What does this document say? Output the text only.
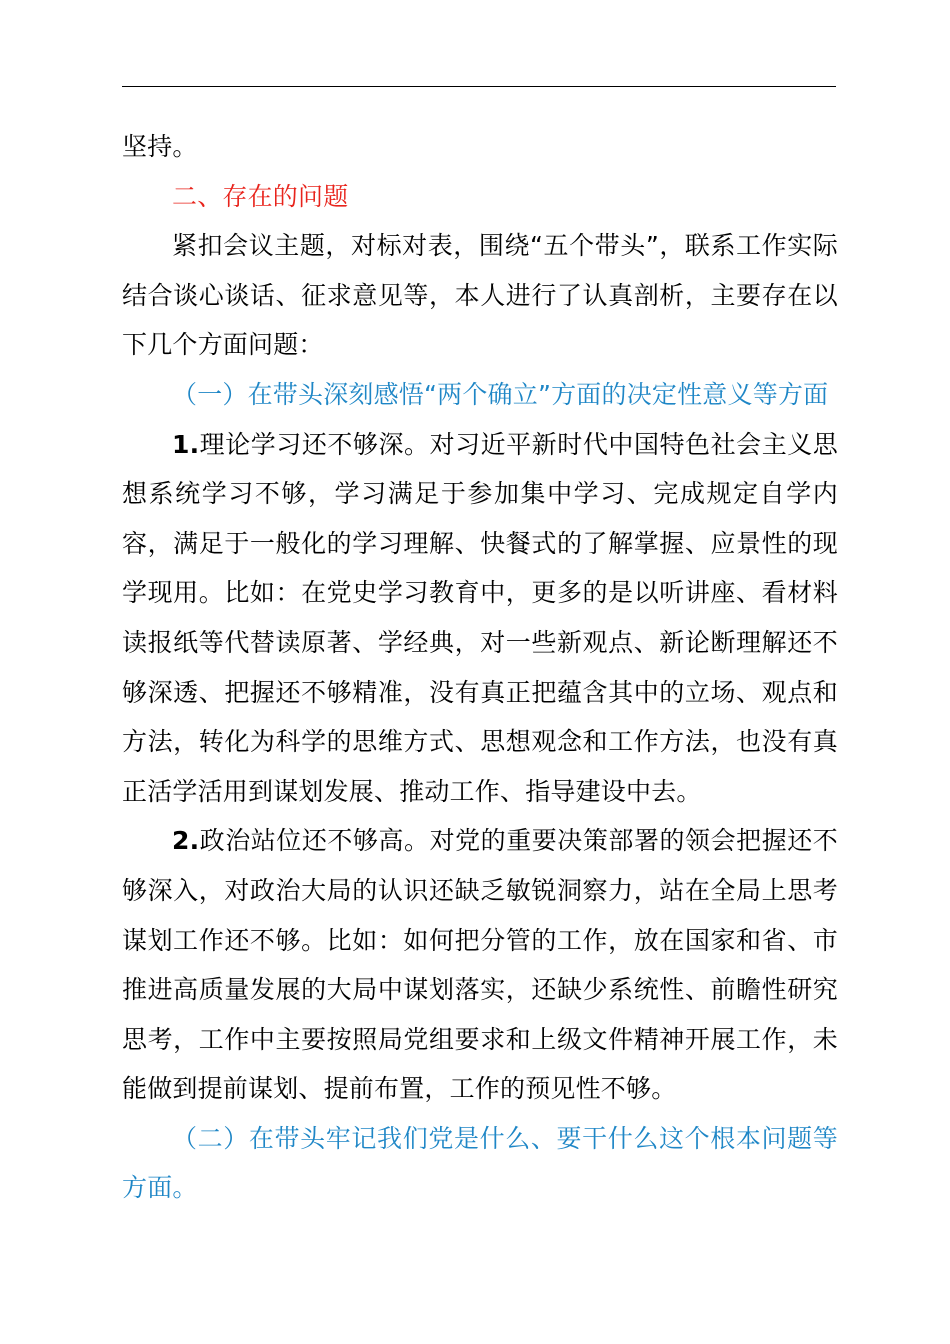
坚持。

二、存在的问题

紧扣会议主题，对标对表，围绕“五个带头”，联系工作实际结合谈心谈话、征求意见等，本人进行了认真剖析，主要存在以下几个方面问题：

（一）在带头深刻感悟“两个确立”方面的决定性意义等方面

1.理论学习还不够深。对习近平新时代中国特色社会主义思想系统学习不够，学习满足于参加集中学习、完成规定自学内容，满足于一般化的学习理解、快餐式的了解掌握、应景性的现学现用。比如：在党史学习教育中，更多的是以听讲座、看材料读报纸等代替读原著、学经典，对一些新观点、新论断理解还不够深透、把握还不够精准，没有真正把蕴含其中的立场、观点和方法，转化为科学的思维方式、思想观念和工作方法，也没有真正活学活用到谋划发展、推动工作、指导建设中去。

2.政治站位还不够高。对党的重要决策部署的领会把握还不够深入，对政治大局的认识还缺乏敏锐洞察力，站在全局上思考谋划工作还不够。比如：如何把分管的工作，放在国家和省、市推进高质量发展的大局中谋划落实，还缺少系统性、前瞻性研究思考，工作中主要按照局党组要求和上级文件精神开展工作，未能做到提前谋划、提前布置，工作的预见性不够。

（二）在带头牢记我们党是什么、要干什么这个根本问题等方面。
